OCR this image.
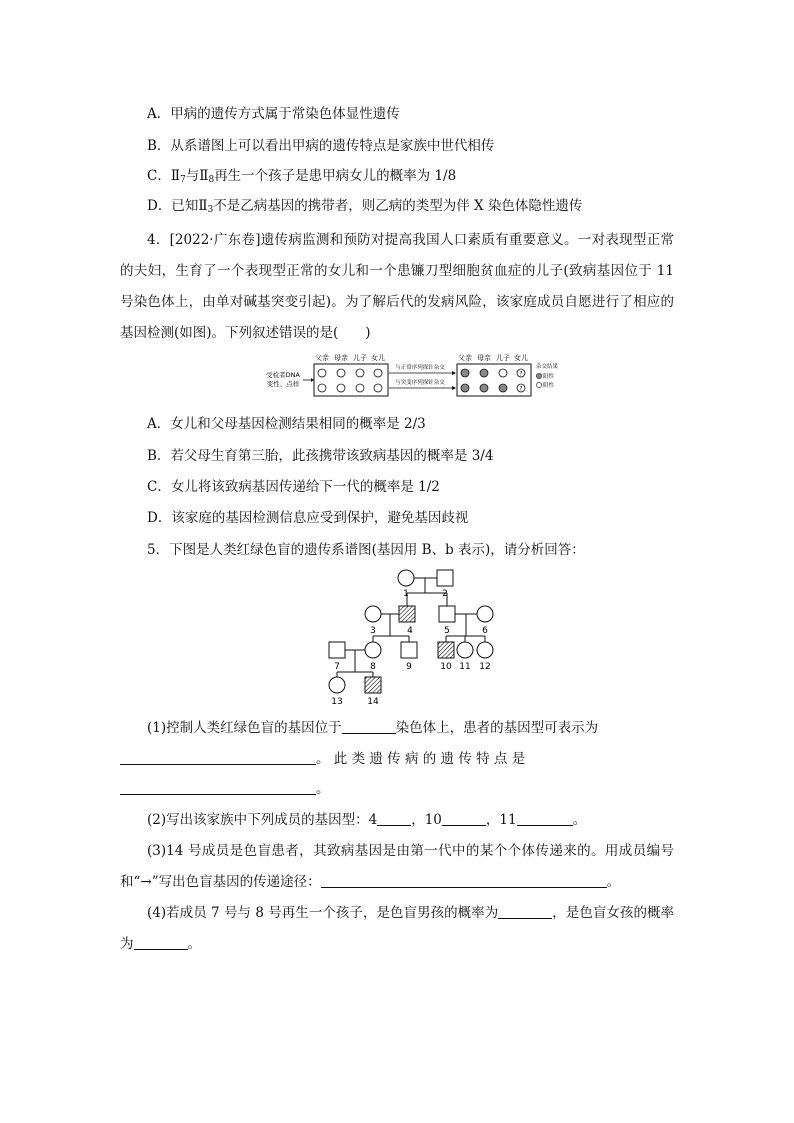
A．甲病的遗传方式属于常染色体显性遗传
B．从系谱图上可以看出甲病的遗传特点是家族中世代相传
C．$Ⅱ_7$与$Ⅱ_8$再生一个孩子是患甲病女儿的概率为 1/8
D．已知$Ⅱ_3$不是乙病基因的携带者，则乙病的类型为伴 X 染色体隐性遗传
4．[2022·广东卷]遗传病监测和预防对提高我国人口素质有重要意义。一对表现型正常的夫妇，生育了一个表现型正常的女儿和一个患镰刀型细胞贫血症的儿子(致病基因位于 11 号染色体上，由单对碱基突变引起)。为了解后代的发病风险，该家庭成员自愿进行了相应的基因检测(如图)。下列叙述错误的是(　　)
父亲 母亲 儿子 女儿
受检者DNA
变性、点样
与正常序列探针杂交
与突变序列探针杂交
父亲 母亲 儿子 女儿
?
?
杂交结果
阳性
阴性
A．女儿和父母基因检测结果相同的概率是 2/3
B．若父母生育第三胎，此孩携带该致病基因的概率是 3/4
C．女儿将该致病基因传递给下一代的概率是 1/2
D．该家庭的基因检测信息应受到保护，避免基因歧视
5．下图是人类红绿色盲的遗传系谱图(基因用 B、b 表示)，请分析回答：
1	2
3	4	5	6
7	8	9	10 11 12
13	14
(1)控制人类红绿色盲的基因位于	染色体上，患者的基因型可表示为
。 此 类 遗 传 病 的 遗 传 特 点 是
。
(2)写出该家族中下列成员的基因型：4	，10	，11	。
(3)14 号成员是色盲患者，其致病基因是由第一代中的某个个体传递来的。用成员编号和“→”写出色盲基因的传递途径：	。
(4)若成员 7 号与 8 号再生一个孩子，是色盲男孩的概率为	，是色盲女孩的概率为	。
